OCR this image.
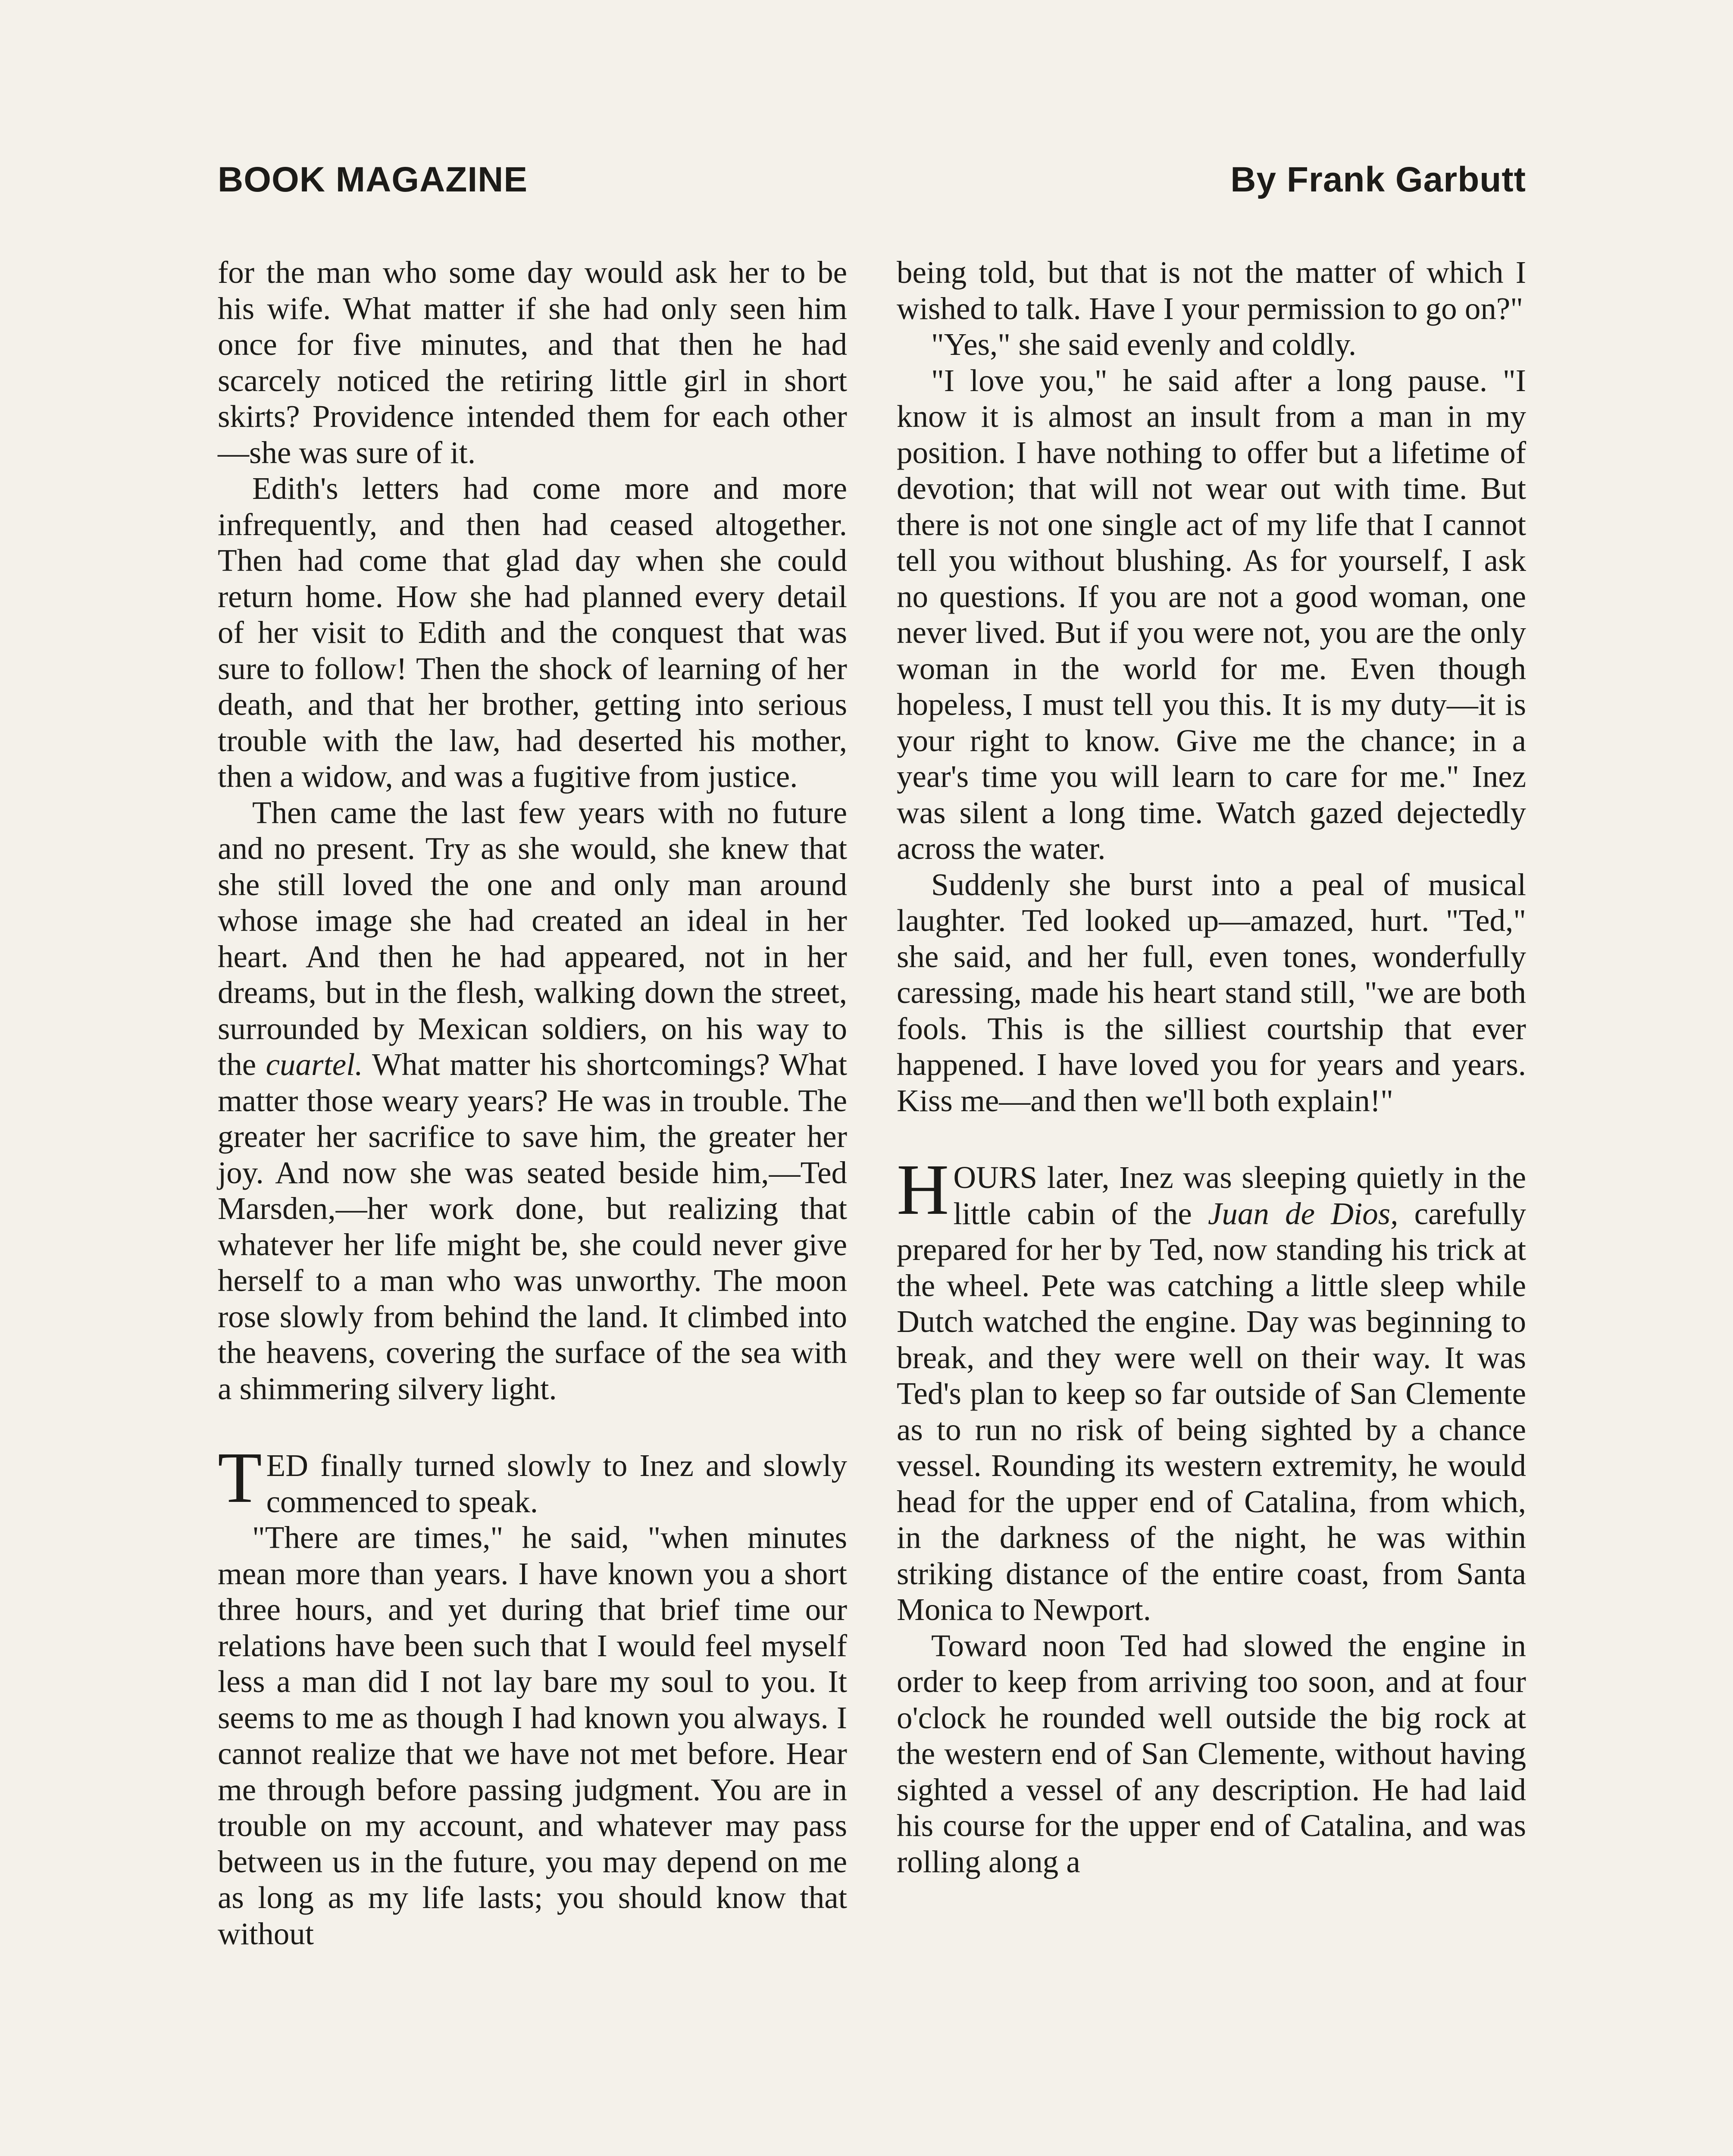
BOOK MAGAZINE	By Frank Garbutt

for the man who some day would ask her to be his wife. What matter if she had only seen him once for five minutes, and that then he had scarcely noticed the retiring little girl in short skirts? Providence intended them for each other—she was sure of it.

Edith's letters had come more and more infrequently, and then had ceased altogether. Then had come that glad day when she could return home. How she had planned every detail of her visit to Edith and the conquest that was sure to follow! Then the shock of learning of her death, and that her brother, getting into serious trouble with the law, had deserted his mother, then a widow, and was a fugitive from justice.

Then came the last few years with no future and no present. Try as she would, she knew that she still loved the one and only man around whose image she had created an ideal in her heart. And then he had appeared, not in her dreams, but in the flesh, walking down the street, surrounded by Mexican soldiers, on his way to the cuartel. What matter his shortcomings? What matter those weary years? He was in trouble. The greater her sacrifice to save him, the greater her joy. And now she was seated beside him,—Ted Marsden,—her work done, but realizing that whatever her life might be, she could never give herself to a man who was unworthy. The moon rose slowly from behind the land. It climbed into the heavens, covering the surface of the sea with a shimmering silvery light.

TED finally turned slowly to Inez and slowly commenced to speak.

"There are times," he said, "when minutes mean more than years. I have known you a short three hours, and yet during that brief time our relations have been such that I would feel myself less a man did I not lay bare my soul to you. It seems to me as though I had known you always. I cannot realize that we have not met before. Hear me through before passing judgment. You are in trouble on my account, and whatever may pass between us in the future, you may depend on me as long as my life lasts; you should know that without

being told, but that is not the matter of which I wished to talk. Have I your permission to go on?"

"Yes," she said evenly and coldly.

"I love you," he said after a long pause. "I know it is almost an insult from a man in my position. I have nothing to offer but a lifetime of devotion; that will not wear out with time. But there is not one single act of my life that I cannot tell you without blushing. As for yourself, I ask no questions. If you are not a good woman, one never lived. But if you were not, you are the only woman in the world for me. Even though hopeless, I must tell you this. It is my duty—it is your right to know. Give me the chance; in a year's time you will learn to care for me." Inez was silent a long time. Watch gazed dejectedly across the water.

Suddenly she burst into a peal of musical laughter. Ted looked up—amazed, hurt. "Ted," she said, and her full, even tones, wonderfully caressing, made his heart stand still, "we are both fools. This is the silliest courtship that ever happened. I have loved you for years and years. Kiss me—and then we'll both explain!"

HOURS later, Inez was sleeping quietly in the little cabin of the Juan de Dios, carefully prepared for her by Ted, now standing his trick at the wheel. Pete was catching a little sleep while Dutch watched the engine. Day was beginning to break, and they were well on their way. It was Ted's plan to keep so far outside of San Clemente as to run no risk of being sighted by a chance vessel. Rounding its western extremity, he would head for the upper end of Catalina, from which, in the darkness of the night, he was within striking distance of the entire coast, from Santa Monica to Newport.

Toward noon Ted had slowed the engine in order to keep from arriving too soon, and at four o'clock he rounded well outside the big rock at the western end of San Clemente, without having sighted a vessel of any description. He had laid his course for the upper end of Catalina, and was rolling along a
